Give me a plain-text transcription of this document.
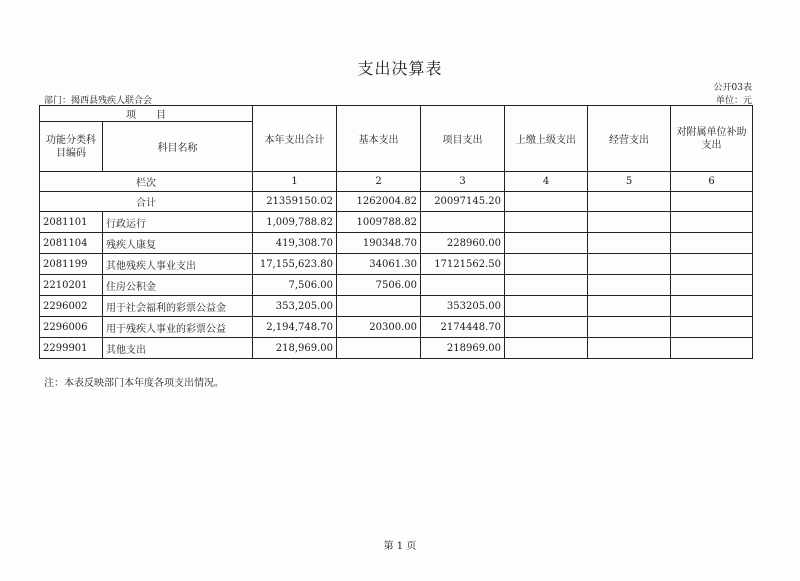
支出决算表
公开03表
部门：揭西县残疾人联合会	单位：元
项　　目		本年支出合计	基本支出	项目支出	上缴上级支出	经营支出	对附属单位补助支出
功能分类科目编码	科目名称						
栏次		1	2	3	4	5	6
合计		21359150.02	1262004.82	20097145.20			
2081101	行政运行	1,009,788.82	1009788.82				
2081104	残疾人康复	419,308.70	190348.70	228960.00			
2081199	其他残疾人事业支出	17,155,623.80	34061.30	17121562.50			
2210201	住房公积金	7,506.00	7506.00				
2296002	用于社会福利的彩票公益金	353,205.00		353205.00			
2296006	用于残疾人事业的彩票公益	2,194,748.70	20300.00	2174448.70			
2299901	其他支出	218,969.00		218969.00			
注：本表反映部门本年度各项支出情况。
第 1 页
